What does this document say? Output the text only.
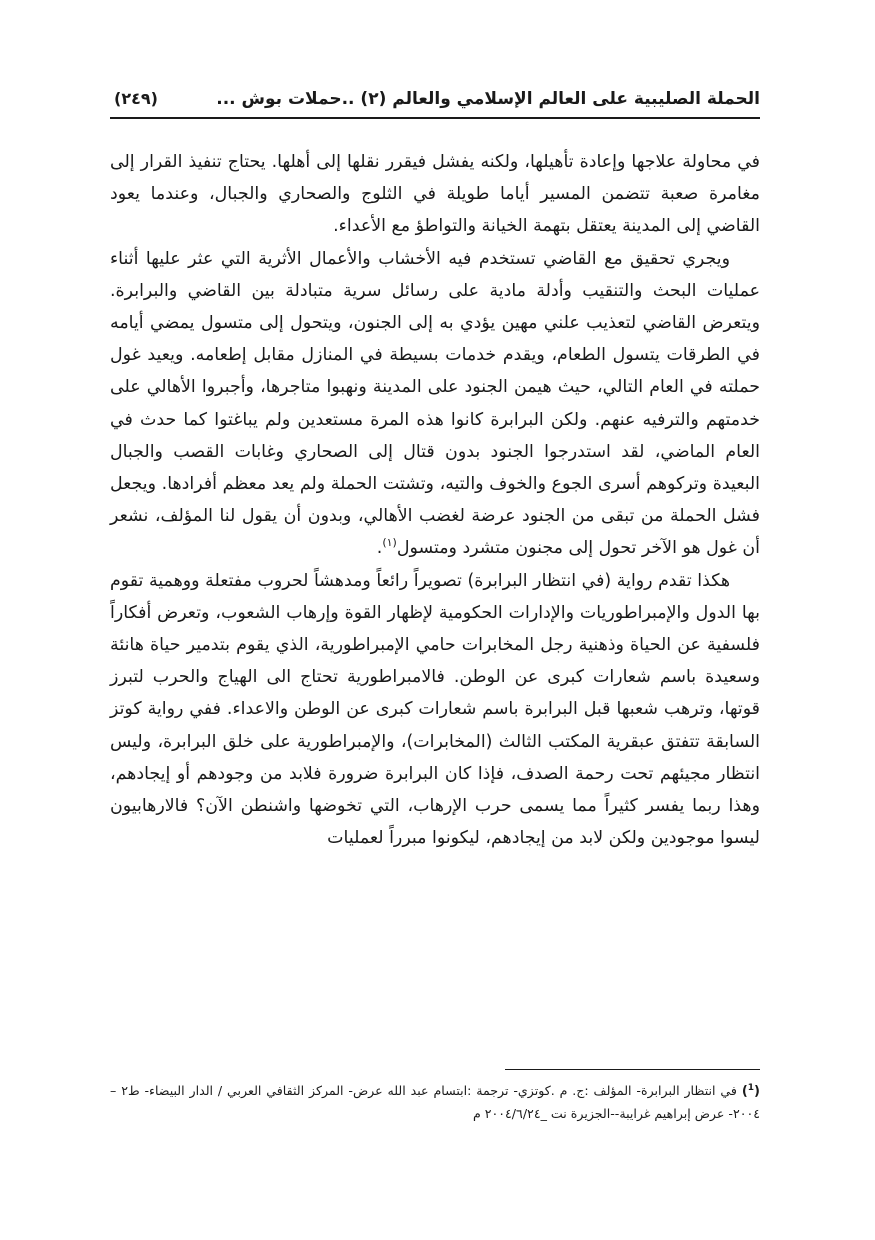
الحملة الصليبية على العالم الإسلامي والعالم (٢) ..حملات بوش ...
(٢٤٩)

في محاولة علاجها وإعادة تأهيلها، ولكنه يفشل فيقرر نقلها إلى أهلها. يحتاج تنفيذ القرار إلى مغامرة صعبة تتضمن المسير أياما طويلة في الثلوج والصحاري والجبال، وعندما يعود القاضي إلى المدينة يعتقل بتهمة الخيانة والتواطؤ مع الأعداء.

ويجري تحقيق مع القاضي تستخدم فيه الأخشاب والأعمال الأثرية التي عثر عليها أثناء عمليات البحث والتنقيب وأدلة مادية على رسائل سرية متبادلة بين القاضي والبرابرة. ويتعرض القاضي لتعذيب علني مهين يؤدي به إلى الجنون، ويتحول إلى متسول يمضي أيامه في الطرقات يتسول الطعام، ويقدم خدمات بسيطة في المنازل مقابل إطعامه. ويعيد غول حملته في العام التالي، حيث هيمن الجنود على المدينة ونهبوا متاجرها، وأجبروا الأهالي على خدمتهم والترفيه عنهم. ولكن البرابرة كانوا هذه المرة مستعدين ولم يباغتوا كما حدث في العام الماضي، لقد استدرجوا الجنود بدون قتال إلى الصحاري وغابات القصب والجبال البعيدة وتركوهم أسرى الجوع والخوف والتيه، وتشتت الحملة ولم يعد معظم أفرادها. ويجعل فشل الحملة من تبقى من الجنود عرضة لغضب الأهالي، وبدون أن يقول لنا المؤلف، نشعر أن غول هو الآخر تحول إلى مجنون متشرد ومتسول$^{(١)}$.

هكذا تقدم رواية (في انتظار البرابرة) تصويراً رائعاً ومدهشاً لحروب مفتعلة ووهمية تقوم بها الدول والإمبراطوريات والإدارات الحكومية لإظهار القوة وإرهاب الشعوب، وتعرض أفكاراً فلسفية عن الحياة وذهنية رجل المخابرات حامي الإمبراطورية، الذي يقوم بتدمير حياة هانئة وسعيدة باسم شعارات كبرى عن الوطن. فالامبراطورية تحتاج الى الهياج والحرب لتبرز قوتها، وترهب شعبها قبل البرابرة باسم شعارات كبرى عن الوطن والاعداء. ففي رواية كوتز السابقة تتفتق عبقرية المكتب الثالث (المخابرات)، والإمبراطورية على خلق البرابرة، وليس انتظار مجيئهم تحت رحمة الصدف، فإذا كان البرابرة ضرورة فلابد من وجودهم أو إيجادهم، وهذا ربما يفسر كثيراً مما يسمى حرب الإرهاب، التي تخوضها واشنطن الآن؟ فالارهابيون ليسوا موجودين ولكن لابد من إيجادهم، ليكونوا مبرراً لعمليات

($^1$) في انتظار البرابرة- المؤلف :ج. م .كوتزي- ترجمة :ابتسام عبد الله عرض- المركز الثقافي العربي / الدار البيضاء- ط٢ – ٢٠٠٤- عرض إبراهيم غرايبة--الجزيرة نت _٢٠٠٤/٦/٢٤ م
